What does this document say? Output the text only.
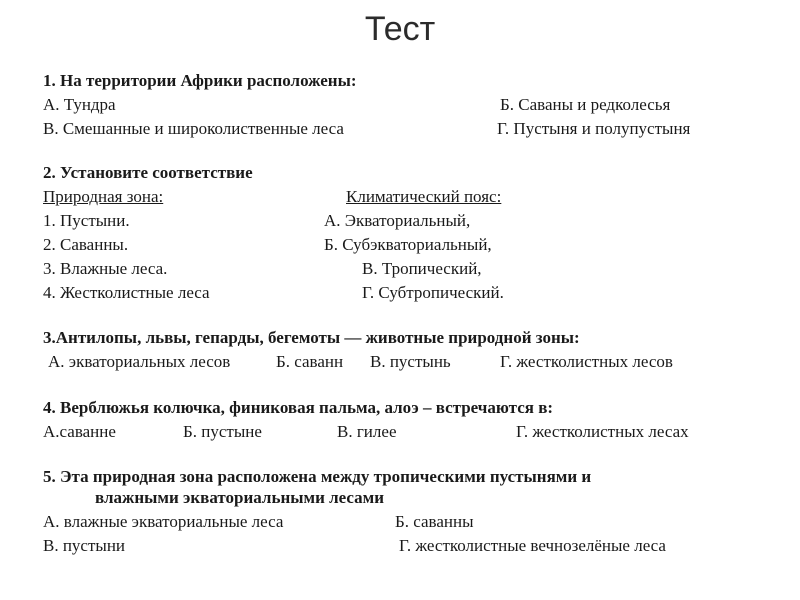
Тест
1. На территории Африки расположены:
А. Тундра	Б. Саваны и редколесья
В. Смешанные и широколиственные леса	Г. Пустыня и полупустыня
2. Установите соответствие
Природная зона:	Климатический пояс:
1. Пустыни.	А. Экваториальный,
2. Саванны.	Б. Субэкваториальный,
3. Влажные леса.	В. Тропический,
4. Жестколистные леса	Г. Субтропический.
3.Антилопы, львы, гепарды, бегемоты — животные природной зоны:
А. экваториальных лесов	Б. саванн В. пустынь	Г. жестколистных лесов
4. Верблюжья колючка, финиковая пальма, алоэ – встречаются в:
А.саванне	Б. пустыне	В. гилее	Г. жестколистных лесах
5. Эта природная зона расположена между тропическими пустынями и
влажными экваториальными лесами
А. влажные экваториальные леса	Б. саванны
В. пустыни	Г. жестколистные вечнозелёные леса
